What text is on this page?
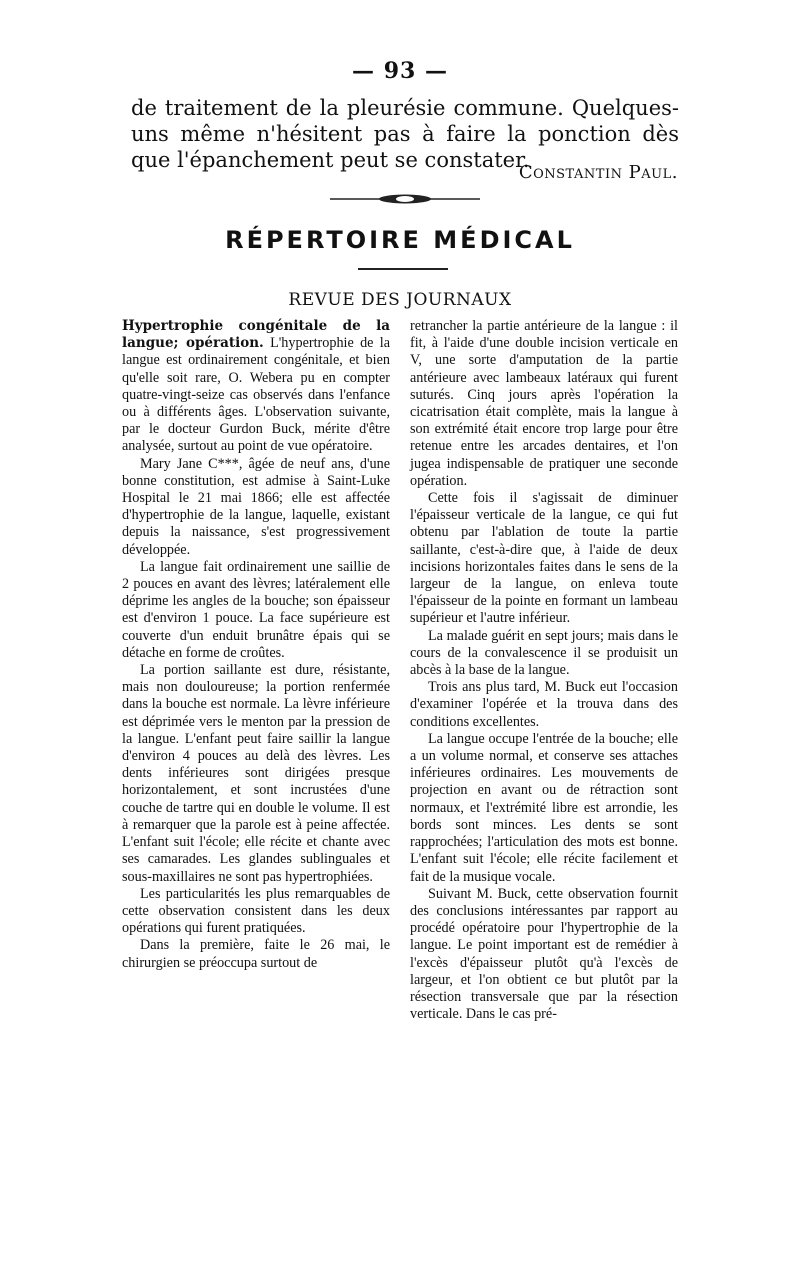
— 93 —

de traitement de la pleurésie commune. Quelques-uns même n'hésitent pas à faire la ponction dès que l'épanchement peut se constater.

Constantin Paul.
RÉPERTOIRE MÉDICAL
REVUE DES JOURNAUX

Hypertrophie congénitale de la langue; opération. L'hypertrophie de la langue est ordinairement congénitale, et bien qu'elle soit rare, O. Webera pu en compter quatre-vingt-seize cas observés dans l'enfance ou à différents âges. L'observation suivante, par le docteur Gurdon Buck, mérite d'être analysée, surtout au point de vue opératoire.

Mary Jane C***, âgée de neuf ans, d'une bonne constitution, est admise à Saint-Luke Hospital le 21 mai 1866; elle est affectée d'hypertrophie de la langue, laquelle, existant depuis la naissance, s'est progressivement développée.

La langue fait ordinairement une saillie de 2 pouces en avant des lèvres; latéralement elle déprime les angles de la bouche; son épaisseur est d'environ 1 pouce. La face supérieure est couverte d'un enduit brunâtre épais qui se détache en forme de croûtes.

La portion saillante est dure, résistante, mais non douloureuse; la portion renfermée dans la bouche est normale. La lèvre inférieure est déprimée vers le menton par la pression de la langue. L'enfant peut faire saillir la langue d'environ 4 pouces au delà des lèvres. Les dents inférieures sont dirigées presque horizontalement, et sont incrustées d'une couche de tartre qui en double le volume. Il est à remarquer que la parole est à peine affectée. L'enfant suit l'école; elle récite et chante avec ses camarades. Les glandes sublinguales et sous-maxillaires ne sont pas hypertrophiées.

Les particularités les plus remarquables de cette observation consistent dans les deux opérations qui furent pratiquées.

Dans la première, faite le 26 mai, le chirurgien se préoccupa surtout de

retrancher la partie antérieure de la langue : il fit, à l'aide d'une double incision verticale en V, une sorte d'amputation de la partie antérieure avec lambeaux latéraux qui furent suturés. Cinq jours après l'opération la cicatrisation était complète, mais la langue à son extrémité était encore trop large pour être retenue entre les arcades dentaires, et l'on jugea indispensable de pratiquer une seconde opération.

Cette fois il s'agissait de diminuer l'épaisseur verticale de la langue, ce qui fut obtenu par l'ablation de toute la partie saillante, c'est-à-dire que, à l'aide de deux incisions horizontales faites dans le sens de la largeur de la langue, on enleva toute l'épaisseur de la pointe en formant un lambeau supérieur et l'autre inférieur.

La malade guérit en sept jours; mais dans le cours de la convalescence il se produisit un abcès à la base de la langue.

Trois ans plus tard, M. Buck eut l'occasion d'examiner l'opérée et la trouva dans des conditions excellentes.

La langue occupe l'entrée de la bouche; elle a un volume normal, et conserve ses attaches inférieures ordinaires. Les mouvements de projection en avant ou de rétraction sont normaux, et l'extrémité libre est arrondie, les bords sont minces. Les dents se sont rapprochées; l'articulation des mots est bonne. L'enfant suit l'école; elle récite facilement et fait de la musique vocale.

Suivant M. Buck, cette observation fournit des conclusions intéressantes par rapport au procédé opératoire pour l'hypertrophie de la langue. Le point important est de remédier à l'excès d'épaisseur plutôt qu'à l'excès de largeur, et l'on obtient ce but plutôt par la résection transversale que par la résection verticale. Dans le cas pré-
